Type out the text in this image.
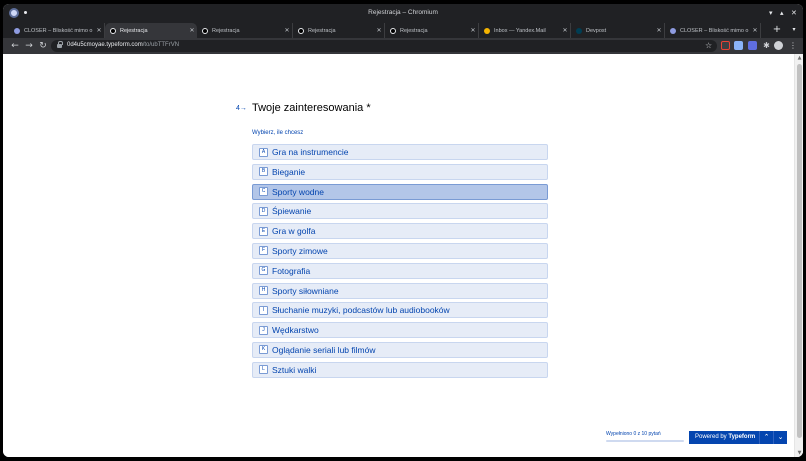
Rejestracja – Chromium	▾ ▴ ✕
CLOSER – Bliskość mimo o ✕	Rejestracja	✕	Rejestracja	✕	Rejestracja	✕	Rejestracja	✕	Inbox — Yandex.Mail	✕	Devpost	✕	CLOSER – Bliskość mimo o ✕ +	▾
← → ↻	0d4u5cmoyae.typeform.com/to/ubTTFrVN	☆	✱ ⋮
4→ Twoje zainteresowania *
Wybierz, ile chcesz
A Gra na instrumencie
B Bieganie
C Sporty wodne
D Śpiewanie
E Gra w golfa
F Sporty zimowe
G Fotografia
H Sporty siłowniane
I Słuchanie muzyki, podcastów lub audiobooków
J Wędkarstwo
K Oglądanie seriali lub filmów
L Sztuki walki
Wypełniono 0 z 10 pytań	Powered by Typeform	⌃	⌄
▲
▼
